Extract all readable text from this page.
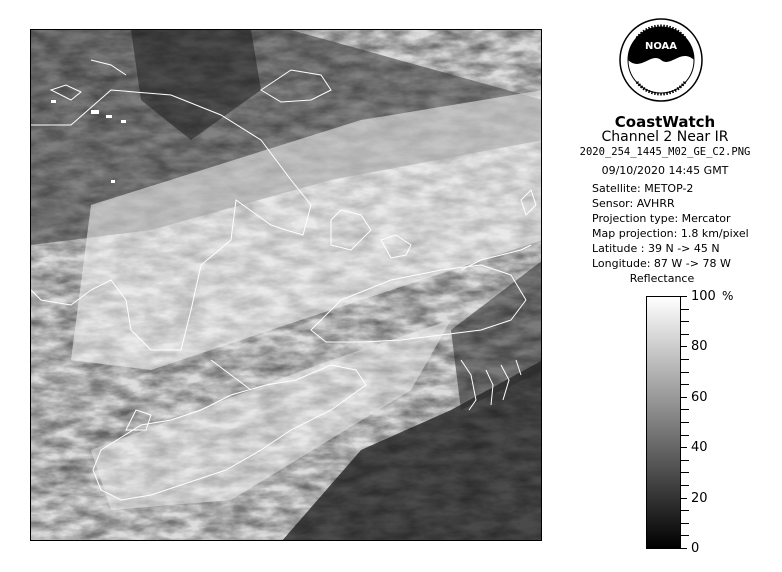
NOAA
CoastWatch
Channel 2 Near IR
2020_254_1445_M02_GE_C2.PNG
09/10/2020 14:45 GMT
Satellite: METOP-2
Sensor: AVHRR
Projection type: Mercator
Map projection: 1.8 km/pixel
Latitude : 39 N -> 45 N
Longitude: 87 W -> 78 W
Reflectance
%
100
80
60
40
20
0
